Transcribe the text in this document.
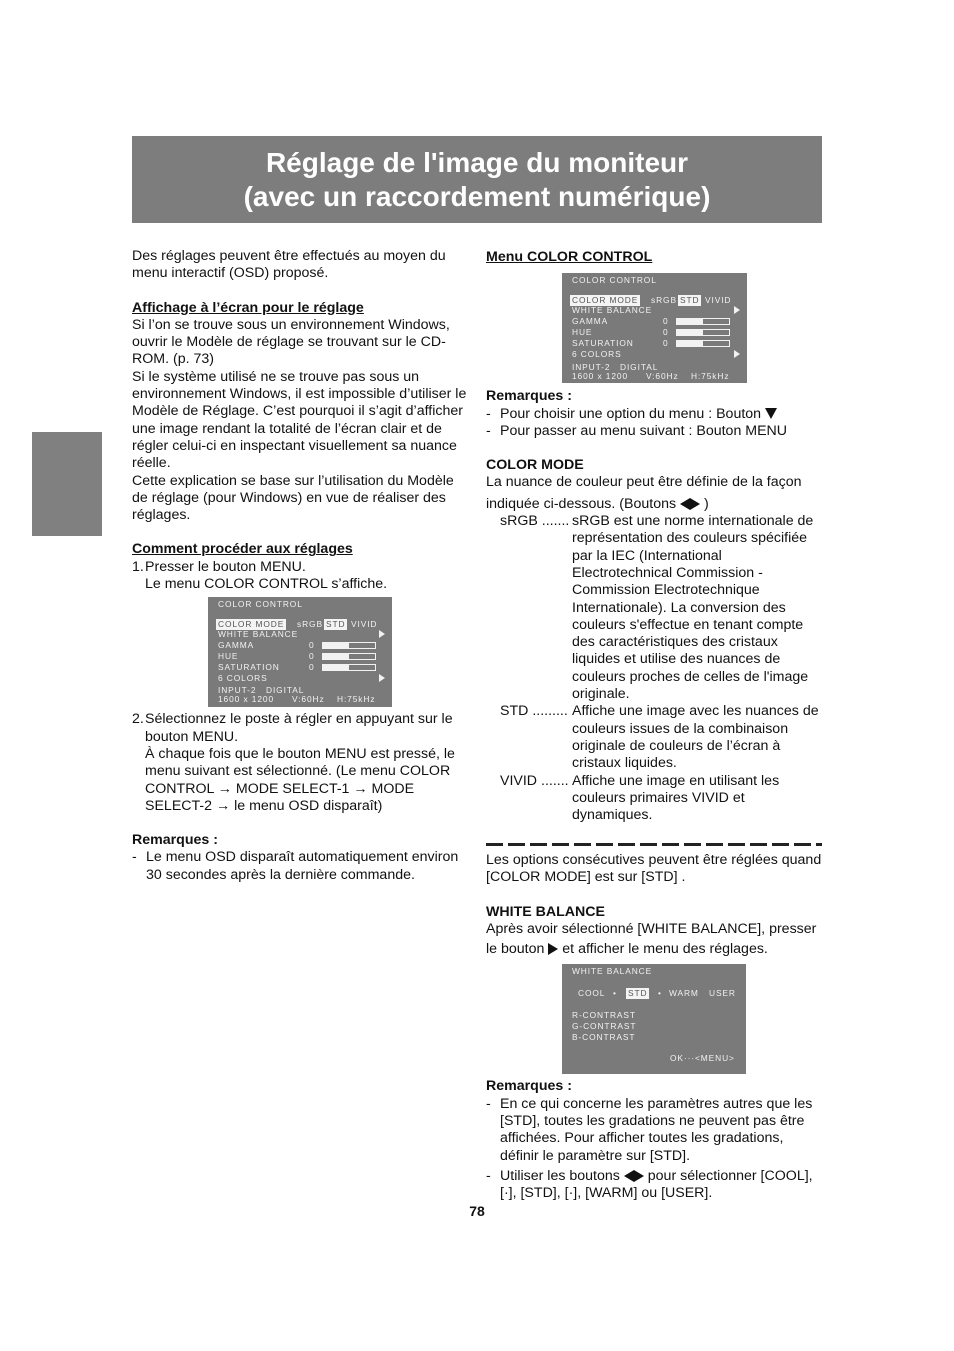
Réglage de l'image du moniteur
(avec un raccordement numérique)

Des réglages peuvent être effectués au moyen du menu interactif (OSD) proposé.

Affichage à l’écran pour le réglage

Si l’on se trouve sous un environnement Windows, ouvrir le Modèle de réglage se trouvant sur le CD-ROM. (p. 73)

Si le système utilisé ne se trouve pas sous un environnement Windows, il est impossible d’utiliser le Modèle de Réglage. C’est pourquoi il s’agit d’afficher une image rendant la totalité de l’écran clair et de régler celui-ci en inspectant visuellement sa nuance réelle.

Cette explication se base sur l’utilisation du Modèle de réglage (pour Windows) en vue de réaliser des réglages.

Comment procéder aux réglages

1. Presser le bouton MENU.

Le menu COLOR CONTROL s’affiche.

COLOR CONTROL
COLOR MODE sRGB STD VIVID
WHITE BALANCE
GAMMA	0
HUE	0
SATURATION	0
6 COLORS
INPUT-2 DIGITAL
1600 x 1200 V:60Hz H:75kHz
2. Sélectionnez le poste à régler en appuyant sur le bouton MENU.

À chaque fois que le bouton MENU est pressé, le menu suivant est sélectionné. (Le menu COLOR CONTROL → MODE SELECT-1 → MODE SELECT-2 → le menu OSD disparaît)

Remarques :

- Le menu OSD disparaît automatiquement environ 30 secondes après la dernière commande.

Menu COLOR CONTROL

COLOR CONTROL
COLOR MODE sRGB STD VIVID
WHITE BALANCE
GAMMA	0
HUE	0
SATURATION	0
6 COLORS
INPUT-2 DIGITAL
1600 x 1200 V:60Hz H:75kHz

Remarques :

- Pour choisir une option du menu : Bouton
- Pour passer au menu suivant : Bouton MENU

COLOR MODE

La nuance de couleur peut être définie de la façon

indiquée ci-dessous. (Boutons )

sRGB ....... sRGB est une norme internationale de représentation des couleurs spécifiée par la IEC (International Electrotechnical Commission - Commission Electrotechnique Internationale). La conversion des couleurs s'effectue en tenant compte des caractéristiques des cristaux liquides et utilise des nuances de couleurs proches de celles de l'image originale.
STD ......... Affiche une image avec les nuances de couleurs issues de la combinaison originale de couleurs de l’écran à cristaux liquides.
VIVID ....... Affiche une image en utilisant les couleurs primaires VIVID et dynamiques.

Les options consécutives peuvent être réglées quand [COLOR MODE] est sur [STD] .

WHITE BALANCE

Après avoir sélectionné [WHITE BALANCE], presser

le bouton et afficher le menu des réglages.

WHITE BALANCE
COOL • STD • WARM USER
R-CONTRAST
G-CONTRAST
B-CONTRAST
OK···<MENU>

Remarques :

- En ce qui concerne les paramètres autres que les [STD], toutes les gradations ne peuvent pas être affichées. Pour afficher toutes les gradations, définir le paramètre sur [STD].
- Utiliser les boutons pour sélectionner [COOL], [·], [STD], [·], [WARM] ou [USER].
78
